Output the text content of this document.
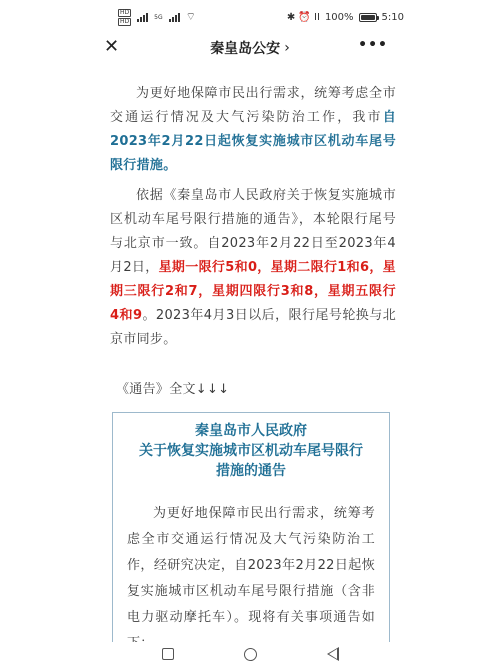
HD
HD
5G ⌔	✱ ⏰ ⅠⅠ 100%	5:10
✕	秦皇岛公安 ›	•••

为更好地保障市民出行需求，统筹考虑全市交通运行情况及大气污染防治工作，我市自2023年2月22日起恢复实施城市区机动车尾号限行措施。

依据《秦皇岛市人民政府关于恢复实施城市区机动车尾号限行措施的通告》，本轮限行尾号与北京市一致。自2023年2月22日至2023年4月2日，星期一限行5和0，星期二限行1和6，星期三限行2和7，星期四限行3和8，星期五限行4和9。2023年4月3日以后，限行尾号轮换与北京市同步。

《通告》全文↓↓↓
秦皇岛市人民政府
关于恢复实施城市区机动车尾号限行
措施的通告
为更好地保障市民出行需求，统筹考虑全市交通运行情况及大气污染防治工作，经研究决定，自2023年2月22日起恢复实施城市区机动车尾号限行措施（含非电力驱动摩托车）。现将有关事项通告如
